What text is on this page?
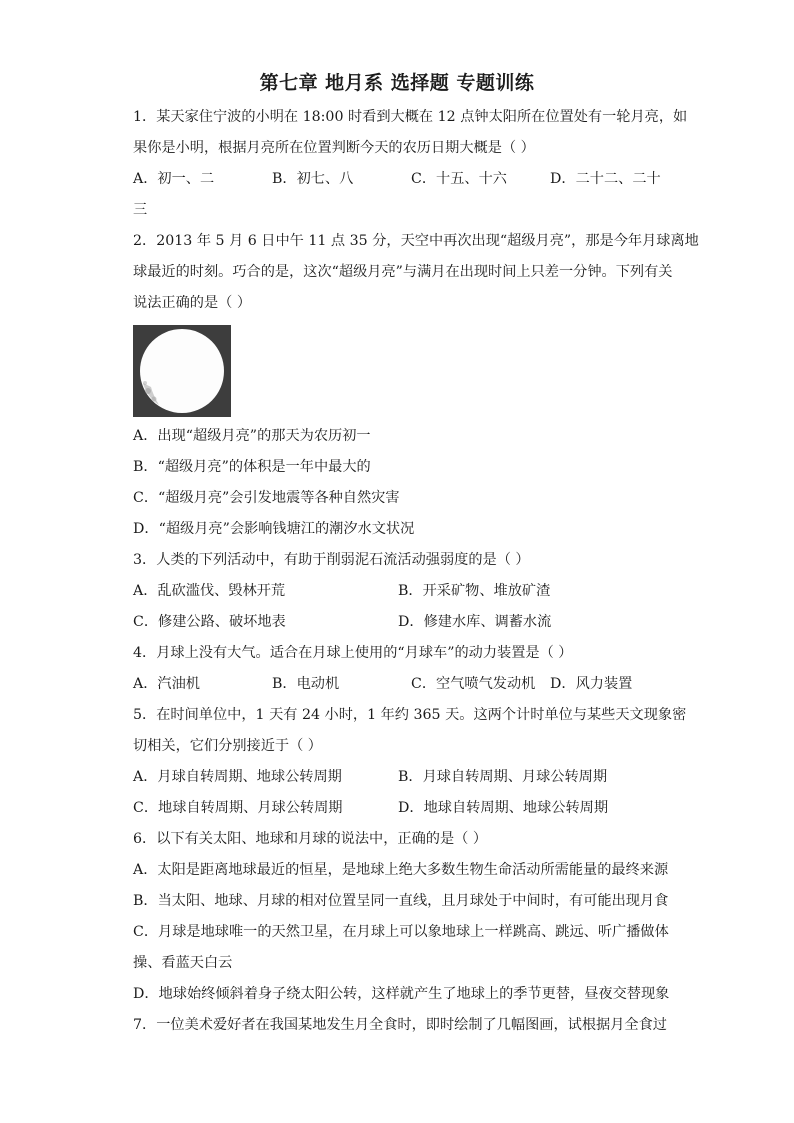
第七章 地月系 选择题 专题训练
1．某天家住宁波的小明在 18:00 时看到大概在 12 点钟太阳所在位置处有一轮月亮，如
果你是小明，根据月亮所在位置判断今天的农历日期大概是（ ）
A．初一、二	B．初七、八	C．十五、十六	D．二十二、二十
三
2．2013 年 5 月 6 日中午 11 点 35 分，天空中再次出现“超级月亮”，那是今年月球离地
球最近的时刻。巧合的是，这次“超级月亮”与满月在出现时间上只差一分钟。下列有关
说法正确的是（ ）
A．出现“超级月亮”的那天为农历初一
B．“超级月亮”的体积是一年中最大的
C．“超级月亮”会引发地震等各种自然灾害
D．“超级月亮”会影响钱塘江的潮汐水文状况
3．人类的下列活动中，有助于削弱泥石流活动强弱度的是（ ）
A．乱砍滥伐、毁林开荒	B．开采矿物、堆放矿渣
C．修建公路、破坏地表	D．修建水库、调蓄水流
4．月球上没有大气。适合在月球上使用的“月球车”的动力装置是（ ）
A．汽油机	B．电动机	C．空气喷气发动机	D．风力装置
5．在时间单位中，1 天有 24 小时，1 年约 365 天。这两个计时单位与某些天文现象密
切相关，它们分别接近于（ ）
A．月球自转周期、地球公转周期	B．月球自转周期、月球公转周期
C．地球自转周期、月球公转周期	D．地球自转周期、地球公转周期
6．以下有关太阳、地球和月球的说法中，正确的是（ ）
A．太阳是距离地球最近的恒星，是地球上绝大多数生物生命活动所需能量的最终来源
B．当太阳、地球、月球的相对位置呈同一直线，且月球处于中间时，有可能出现月食
C．月球是地球唯一的天然卫星，在月球上可以象地球上一样跳高、跳远、听广播做体
操、看蓝天白云
D．地球始终倾斜着身子绕太阳公转，这样就产生了地球上的季节更替，昼夜交替现象
7．一位美术爱好者在我国某地发生月全食时，即时绘制了几幅图画，试根据月全食过
